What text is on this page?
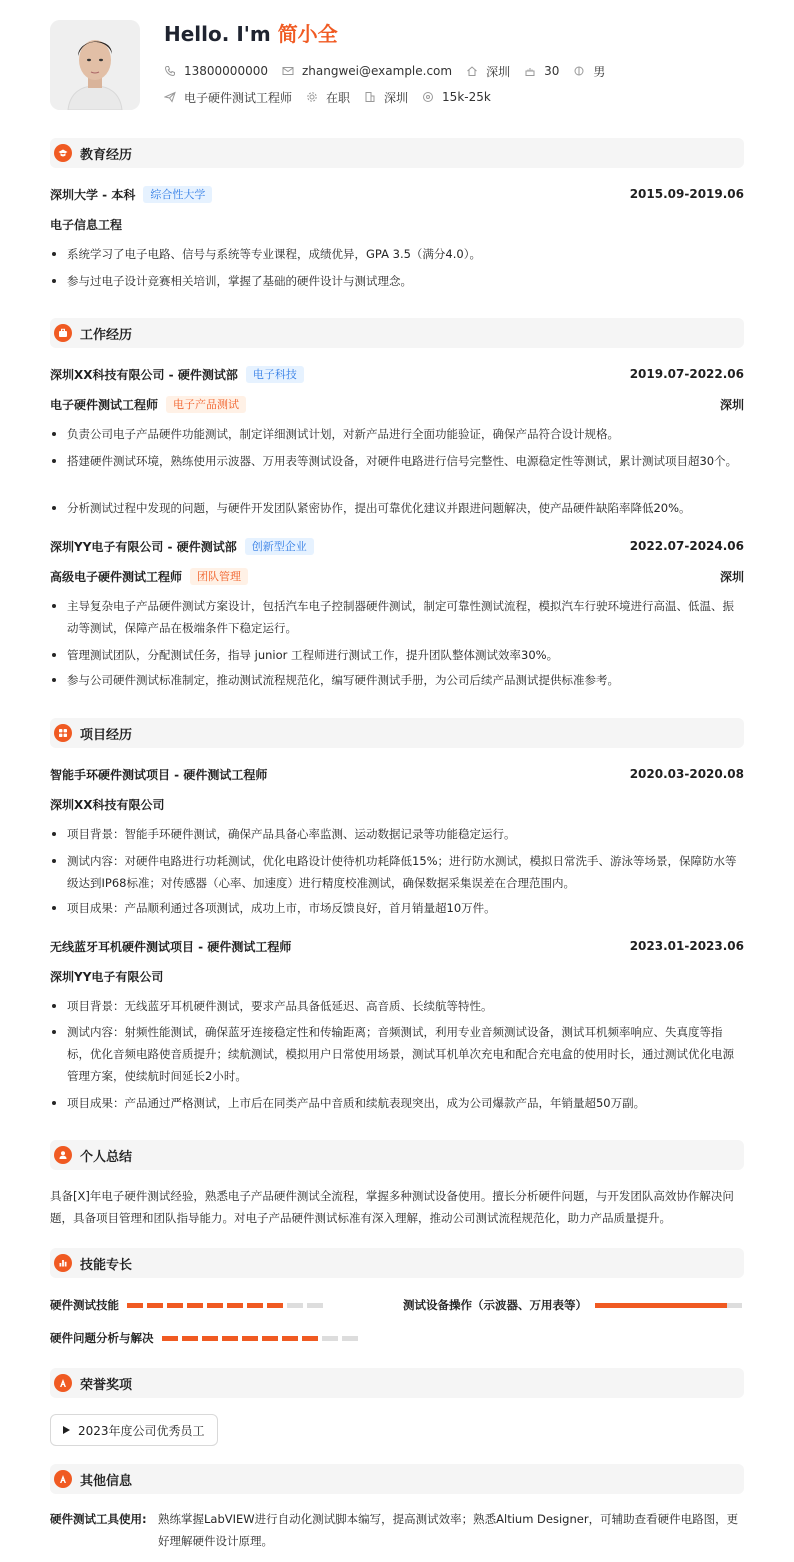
Hello. I'm 简小全
13800000000	zhangwei@example.com	深圳	30	男
电子硬件测试工程师	在职	深圳	15k-25k
教育经历
深圳大学 - 本科	综合性大学	2015.09-2019.06
电子信息工程
系统学习了电子电路、信号与系统等专业课程，成绩优异，GPA 3.5（满分4.0）。
参与过电子设计竞赛相关培训，掌握了基础的硬件设计与测试理念。
工作经历
深圳XX科技有限公司 - 硬件测试部	电子科技	2019.07-2022.06
电子硬件测试工程师	电子产品测试	深圳
负责公司电子产品硬件功能测试，制定详细测试计划，对新产品进行全面功能验证，确保产品符合设计规格。
搭建硬件测试环境，熟练使用示波器、万用表等测试设备，对硬件电路进行信号完整性、电源稳定性等测试，累计测试项目超30个。
分析测试过程中发现的问题，与硬件开发团队紧密协作，提出可靠优化建议并跟进问题解决，使产品硬件缺陷率降低20%。
深圳YY电子有限公司 - 硬件测试部	创新型企业	2022.07-2024.06
高级电子硬件测试工程师	团队管理	深圳
主导复杂电子产品硬件测试方案设计，包括汽车电子控制器硬件测试，制定可靠性测试流程，模拟汽车行驶环境进行高温、低温、振动等测试，保障产品在极端条件下稳定运行。
管理测试团队，分配测试任务，指导 junior 工程师进行测试工作，提升团队整体测试效率30%。
参与公司硬件测试标准制定，推动测试流程规范化，编写硬件测试手册，为公司后续产品测试提供标准参考。
项目经历
智能手环硬件测试项目 - 硬件测试工程师	2020.03-2020.08
深圳XX科技有限公司
项目背景：智能手环硬件测试，确保产品具备心率监测、运动数据记录等功能稳定运行。
测试内容：对硬件电路进行功耗测试，优化电路设计使待机功耗降低15%；进行防水测试，模拟日常洗手、游泳等场景，保障防水等级达到IP68标准；对传感器（心率、加速度）进行精度校准测试，确保数据采集误差在合理范围内。
项目成果：产品顺利通过各项测试，成功上市，市场反馈良好，首月销量超10万件。
无线蓝牙耳机硬件测试项目 - 硬件测试工程师	2023.01-2023.06
深圳YY电子有限公司
项目背景：无线蓝牙耳机硬件测试，要求产品具备低延迟、高音质、长续航等特性。
测试内容：射频性能测试，确保蓝牙连接稳定性和传输距离；音频测试，利用专业音频测试设备，测试耳机频率响应、失真度等指标，优化音频电路使音质提升；续航测试，模拟用户日常使用场景，测试耳机单次充电和配合充电盒的使用时长，通过测试优化电源管理方案，使续航时间延长2小时。
项目成果：产品通过严格测试，上市后在同类产品中音质和续航表现突出，成为公司爆款产品，年销量超50万副。
个人总结
具备[X]年电子硬件测试经验，熟悉电子产品硬件测试全流程，掌握多种测试设备使用。擅长分析硬件问题，与开发团队高效协作解决问题，具备项目管理和团队指导能力。对电子产品硬件测试标准有深入理解，推动公司测试流程规范化，助力产品质量提升。
技能专长
硬件测试技能	测试设备操作（示波器、万用表等）
硬件问题分析与解决
荣誉奖项
2023年度公司优秀员工
其他信息
硬件测试工具使用: 熟练掌握LabVIEW进行自动化测试脚本编写，提高测试效率；熟悉Altium Designer，可辅助查看硬件电路图，更好理解硬件设计原理。
